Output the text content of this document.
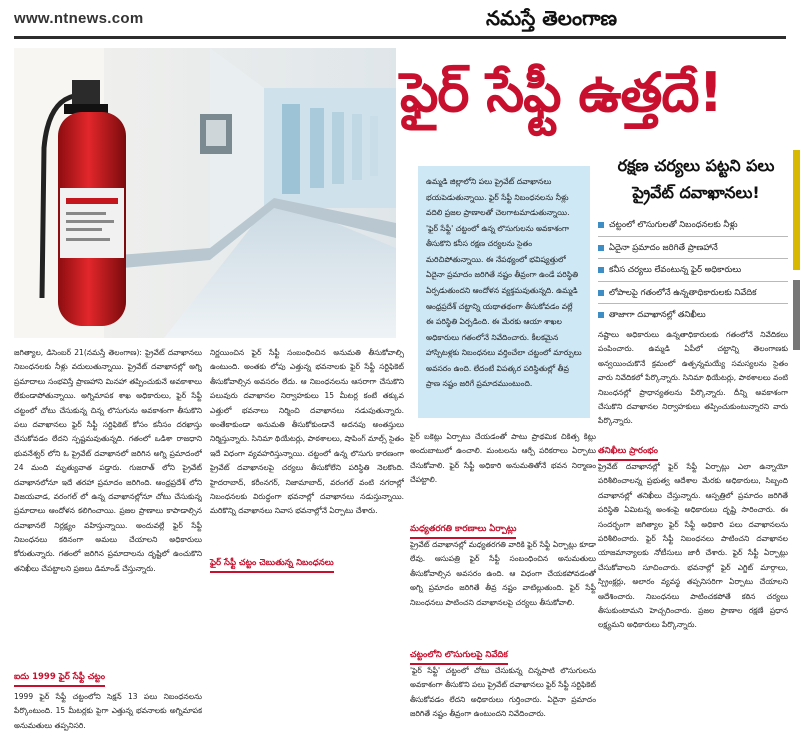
www.ntnews.com	నమస్తే తెలంగాణ
ఫైర్ సేఫ్టీ ఉత్తదే!
రక్షణ చర్యలు పట్టని పలు ప్రైవేట్ దవాఖానలు!

ఉమ్మడి జిల్లాలోని పలు ప్రైవేట్ దవాఖానలు భయపెడుతున్నాయి. ఫైర్ సేఫ్టీ నిబంధనలను నీళ్లు వదిలి ప్రజల ప్రాణాలతో చెలగాటమాడుతున్నాయి. 'ఫైర్ సేఫ్టీ' చట్టంలో ఉన్న లొసుగులను అవకాశంగా తీసుకొని కనీస రక్షణ చర్యలను సైతం మరిచిపోతున్నాయి. ఈ నేపథ్యంలో భవిష్యత్తులో ఏదైనా ప్రమాదం జరిగితే నష్టం తీవ్రంగా ఉండే పరిస్థితి ఏర్పడుతుందని ఆందోళన వ్యక్తమవుతున్నది. ఉమ్మడి ఆంధ్రప్రదేశ్ చట్టాన్ని యథాతథంగా తీసుకోవడం వల్లే ఈ పరిస్థితి ఏర్పడింది. ఈ మేరకు ఆయా శాఖల అధికారులు గతంలోనే నివేదించారు. కీలకమైన హాస్పిటళ్లకు నిబంధనలు వర్తించేలా చట్టంలో మార్పులు అవసరం ఉంది. లేదంటే విపత్కర పరిస్థితుల్లో తీవ్ర ప్రాణ నష్టం జరిగే ప్రమాదముంటుంది.

చట్టంలో లొసుగులతో నిబంధనలకు నీళ్లు
ఏదైనా ప్రమాదం జరిగితే ప్రాణహానే
కనీస చర్యలు లేవంటున్న ఫైర్ అధికారులు
లోపాలపై గతంలోనే ఉన్నతాధికారులకు నివేదిక
తాజాగా దవాఖానల్లో తనిఖీలు

జగిత్యాల, డిసెంబర్ 21(నమస్తే తెలంగాణ): ప్రైవేట్ దవాఖానలు నిబంధనలకు నీళ్లు వదులుతున్నాయి. ప్రైవేట్ దవాఖానల్లో అగ్ని ప్రమాదాలు సంభవిస్తే ప్రాణహాని మినహా తప్పించుకునే అవకాశాలు లేకుండాపోతున్నాయి. అగ్నిమాపక శాఖ అధికారులు, ఫైర్ సేఫ్టీ చట్టంలో చోటు చేసుకున్న చిన్న లొసుగును అవకాశంగా తీసుకొని పలు దవాఖానలు ఫైర్ సేఫ్టీ సర్టిఫికెట్ కోసం కనీసం దరఖాస్తు చేసుకోవడం లేదని స్పష్టమవుతున్నది. గతంలో ఒడిశా రాజధాని భువనేశ్వర్ లోని ఓ ప్రైవేట్ దవాఖానలో జరిగిన అగ్ని ప్రమాదంలో 24 మంది మృత్యువాత పడ్డారు. గుజరాత్ లోని ప్రైవేట్ దవాఖానలోనూ ఇదే తరహా ప్రమాదం జరిగింది. ఆంధ్రప్రదేశ్ లోని విజయవాడ, వరంగల్ లో ఉన్న దవాఖానల్లోనూ చోటు చేసుకున్న ప్రమాదాలు ఆందోళన కలిగించాయి. ప్రజల ప్రాణాలు కాపాడాల్సిన దవాఖానలే నిర్లక్ష్యం వహిస్తున్నాయి. అందువల్లే ఫైర్ సేఫ్టీ నిబంధనలు కఠినంగా అమలు చేయాలని అధికారులు కోరుతున్నారు. గతంలో జరిగిన ప్రమాదాలను దృష్టిలో ఉంచుకొని తనిఖీలు చేపట్టాలని ప్రజలు డిమాండ్ చేస్తున్నారు.

ఐదు 1999 ఫైర్ సేఫ్టీ చట్టం

1999 ఫైర్ సేఫ్టీ చట్టంలోని సెక్షన్ 13 పలు నిబంధనలను పేర్కొంటుంది. 15 మీటర్లకు పైగా ఎత్తున్న భవనాలకు అగ్నిమాపక అనుమతులు తప్పనిసరి.

నిర్ణయించిన ఫైర్ సేఫ్టీ సంబంధించిన అనుమతి తీసుకోవాల్సి ఉంటుంది. అంతకు లోపు ఎత్తున్న భవనాలకు ఫైర్ సేఫ్టీ సర్టిఫికెట్ తీసుకోవాల్సిన అవసరం లేదు. ఆ నిబంధనలను ఆసరాగా చేసుకొని పలువురు దవాఖానల నిర్వాహకులు 15 మీటర్ల కంటే తక్కువ ఎత్తులో భవనాలు నిర్మించి దవాఖానలు నడుపుతున్నారు. అంతేకాకుండా అనుమతి తీసుకోకుండానే అదనపు అంతస్తులు నిర్మిస్తున్నారు. సినిమా థియేటర్లు, పాఠశాలలు, షాపింగ్ మాల్స్ సైతం ఇదే విధంగా వ్యవహరిస్తున్నాయి. చట్టంలో ఉన్న లొసుగు కారణంగా ప్రైవేట్ దవాఖానలపై చర్యలు తీసుకోలేని పరిస్థితి నెలకొంది. హైదరాబాద్, కరీంనగర్, నిజామాబాద్, వరంగల్ వంటి నగరాల్లో నిబంధనలకు విరుద్ధంగా భవనాల్లో దవాఖానలు నడుస్తున్నాయి. మరికొన్ని దవాఖానలు నివాస భవనాల్లోనే ఏర్పాటు చేశారు.

ఫైర్ సేఫ్టీ చట్టం చెబుతున్న నిబంధనలు

పైర్ బకెట్లు ఏర్పాటు చేయడంతో పాటు ప్రాథమిక చికిత్స కిట్లు అందుబాటులో ఉంచాలి. మంటలను ఆర్పే పరికరాలు ఏర్పాటు చేసుకోవాలి. ఫైర్ సేఫ్టీ అధికారి అనుమతితోనే భవన నిర్మాణం చేపట్టాలి.

మధ్యతరగతి కారణాలు ఏర్పాట్లు

ప్రైవేట్ దవాఖానల్లో మధ్యతరగతి వారికి ఫైర్ సేఫ్టీ ఏర్పాట్లు కూడా లేవు. ఆసుపత్రి ఫైర్ సేఫ్టీ సంబంధించిన అనుమతులు తీసుకోవాల్సిన అవసరం ఉంది. ఆ విధంగా చేయకపోవడంతో అగ్ని ప్రమాదం జరిగితే తీవ్ర నష్టం వాటిల్లుతుంది. ఫైర్ సేఫ్టీ నిబంధనలు పాటించని దవాఖానలపై చర్యలు తీసుకోవాలి.

చట్టంలోని లొసుగులపై నివేదిక

'ఫైర్ సేఫ్టీ' చట్టంలో చోటు చేసుకున్న చిన్నపాటి లొసుగులను అవకాశంగా తీసుకొని పలు ప్రైవేట్ దవాఖానలు ఫైర్ సేఫ్టీ సర్టిఫికెట్ తీసుకోవడం లేదని అధికారులు గుర్తించారు. ఏదైనా ప్రమాదం జరిగితే నష్టం తీవ్రంగా ఉంటుందని నివేదించారు.

నష్టాలు అధికారులు ఉన్నతాధికారులకు గతంలోనే నివేదికలు పంపించారు. ఉమ్మడి ఏపీలో చట్టాన్ని తెలంగాణకు అన్వయించుకొనే క్రమంలో ఉత్పన్నమయ్యే సమస్యలను సైతం వారు నివేదికలో పేర్కొన్నారు. సినిమా థియేటర్లు, పాఠశాలలు వంటి నిబంధనల్లో ప్రాధాన్యతలను పేర్కొన్నారు. దీన్ని అవకాశంగా చేసుకొని దవాఖానల నిర్వాహకులు తప్పించుకుంటున్నారని వారు పేర్కొన్నారు.

తనిఖీలు ప్రారంభం

ప్రైవేట్ దవాఖానల్లో ఫైర్ సేఫ్టీ ఏర్పాట్లు ఎలా ఉన్నాయో పరిశీలించాలన్న ప్రభుత్వ ఆదేశాల మేరకు అధికారులు, సిబ్బంది దవాఖానల్లో తనిఖీలు చేస్తున్నారు. ఆస్పత్రిలో ప్రమాదం జరిగితే పరిస్థితి ఏమిటన్న అంశంపై అధికారులు దృష్టి సారించారు. ఈ సందర్భంగా జగిత్యాల ఫైర్ సేఫ్టీ అధికారి పలు దవాఖానలను పరిశీలించారు. ఫైర్ సేఫ్టీ నిబంధనలు పాటించని దవాఖానల యాజమాన్యాలకు నోటీసులు జారీ చేశారు. ఫైర్ సేఫ్టీ ఏర్పాట్లు చేసుకోవాలని సూచించారు. భవనాల్లో ఫైర్ ఎగ్జిట్ మార్గాలు, స్ప్రింక్లర్లు, అలారం వ్యవస్థ తప్పనిసరిగా ఏర్పాటు చేయాలని ఆదేశించారు. నిబంధనలు పాటించకపోతే కఠిన చర్యలు తీసుకుంటామని హెచ్చరించారు. ప్రజల ప్రాణాల రక్షణే ప్రధాన లక్ష్యమని అధికారులు పేర్కొన్నారు.
